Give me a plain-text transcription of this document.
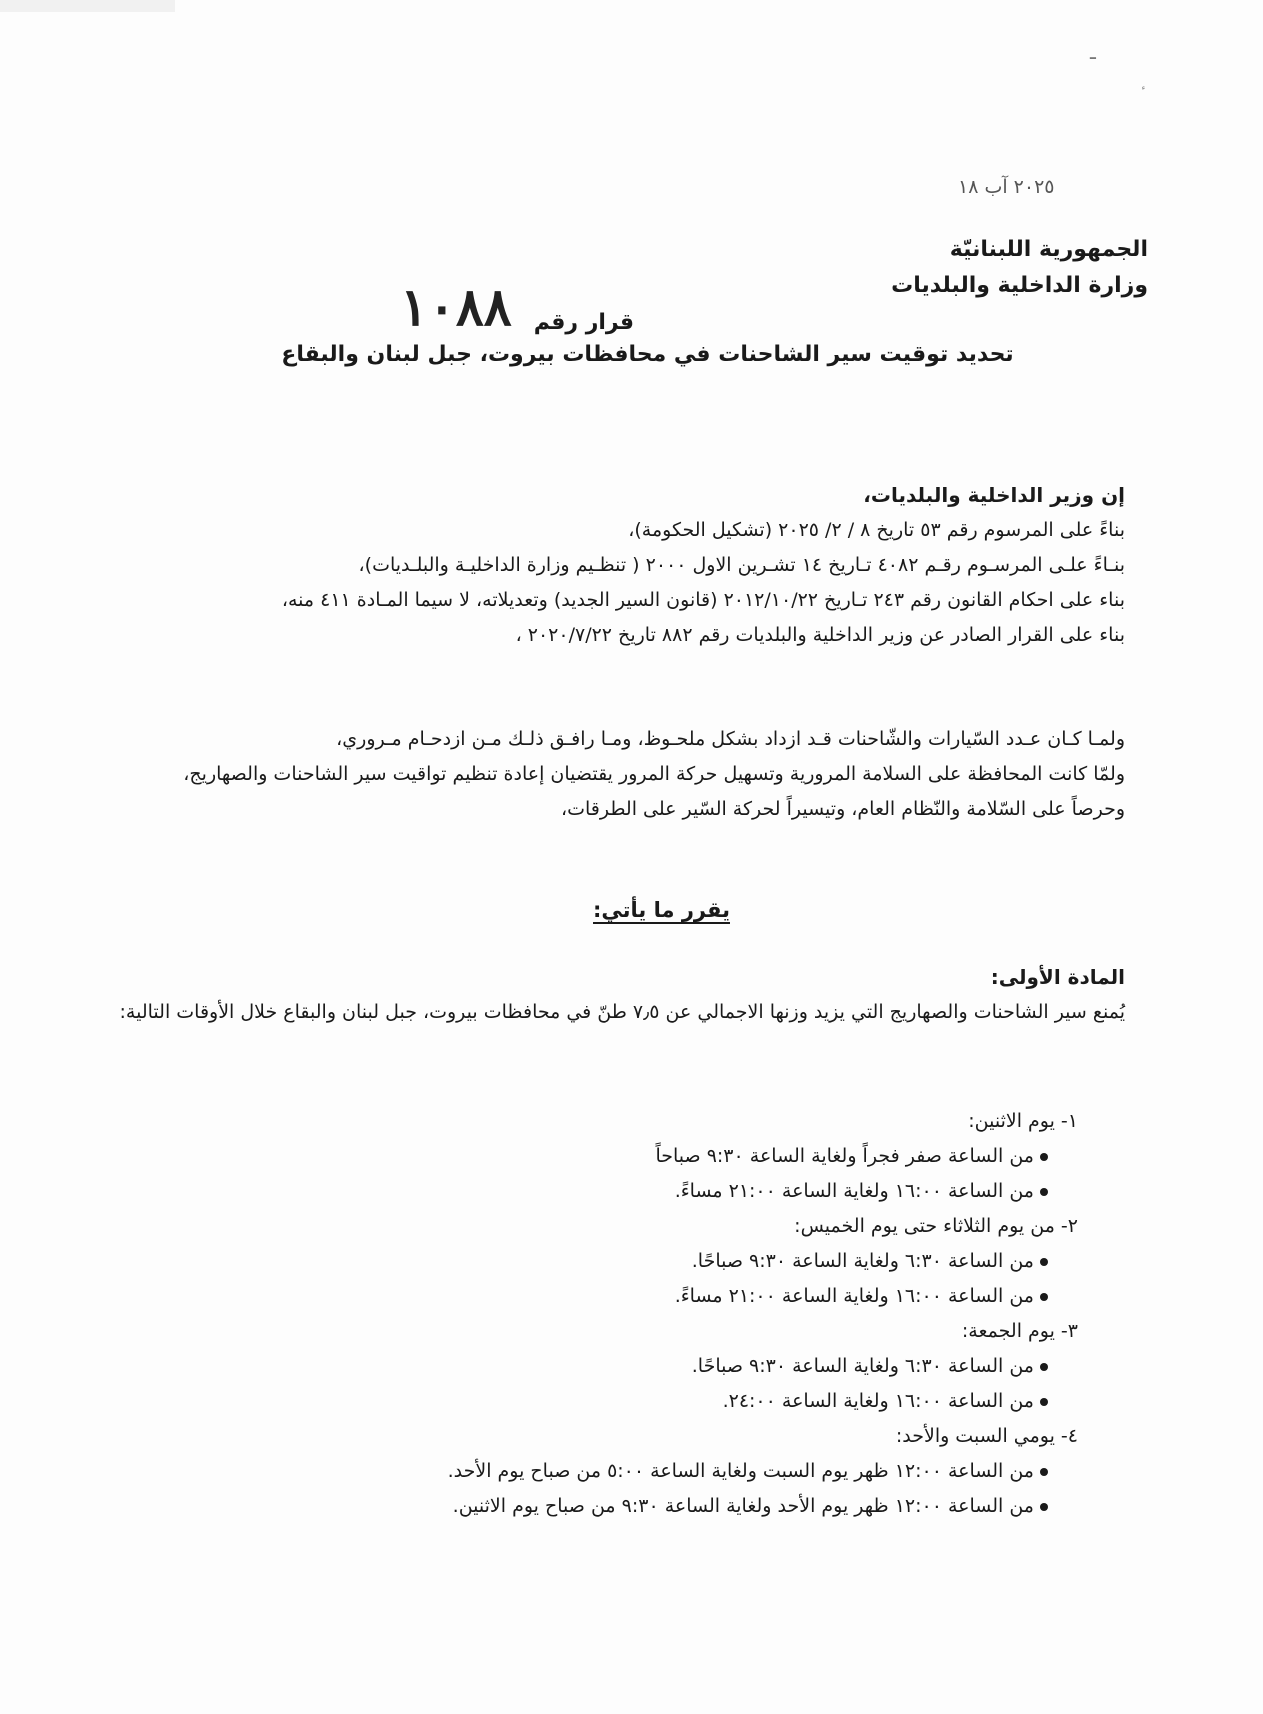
ـ
٢٠٢٥ آب ١٨
الجمهورية اللبنانيّة
وزارة الداخلية والبلديات
قرار رقم
١٠٨٨
تحديد توقيت سير الشاحنات في محافظات بيروت، جبل لبنان والبقاع

إن وزير الداخلية والبلديات،

بناءً على المرسوم رقم ٥٣ تاريخ ٨ / ٢/ ٢٠٢٥ (تشكيل الحكومة)،

بنـاءً علـى المرسـوم رقـم ٤٠٨٢ تـاريخ ١٤ تشـرين الاول ٢٠٠٠ ( تنظـيم وزارة الداخليـة والبلـديات)،

بناء على احكام القانون رقم ٢٤٣ تـاريخ ٢٠١٢/١٠/٢٢ (قانون السير الجديد) وتعديلاته، لا سيما المـادة ٤١١ منه،

بناء على القرار الصادر عن وزير الداخلية والبلديات رقم ٨٨٢ تاريخ ٢٠٢٠/٧/٢٢ ،

ولمـا كـان عـدد السّيارات والشّاحنات قـد ازداد بشكل ملحـوظ، ومـا رافـق ذلـك مـن ازدحـام مـروري،

ولمّا كانت المحافظة على السلامة المرورية وتسهيل حركة المرور يقتضيان إعادة تنظيم تواقيت سير الشاحنات والصهاريج،

وحرصاً على السّلامة والنّظام العام، وتيسيراً لحركة السّير على الطرقات،

يقرر ما يأتي:

المادة الأولى:

يُمنع سير الشاحنات والصهاريج التي يزيد وزنها الاجمالي عن ٧٫٥ طنّ في محافظات بيروت، جبل لبنان والبقاع خلال الأوقات التالية:

١- يوم الاثنين:

من الساعة صفر فجراً ولغاية الساعة ٩:٣٠ صباحاً

من الساعة ١٦:٠٠ ولغاية الساعة ٢١:٠٠ مساءً.

٢- من يوم الثلاثاء حتى يوم الخميس:

من الساعة ٦:٣٠ ولغاية الساعة ٩:٣٠ صباحًا.

من الساعة ١٦:٠٠ ولغاية الساعة ٢١:٠٠ مساءً.

٣- يوم الجمعة:

من الساعة ٦:٣٠ ولغاية الساعة ٩:٣٠ صباحًا.

من الساعة ١٦:٠٠ ولغاية الساعة ٢٤:٠٠.

٤- يومي السبت والأحد:

من الساعة ١٢:٠٠ ظهر يوم السبت ولغاية الساعة ٥:٠٠ من صباح يوم الأحد.

من الساعة ١٢:٠٠ ظهر يوم الأحد ولغاية الساعة ٩:٣٠ من صباح يوم الاثنين.
